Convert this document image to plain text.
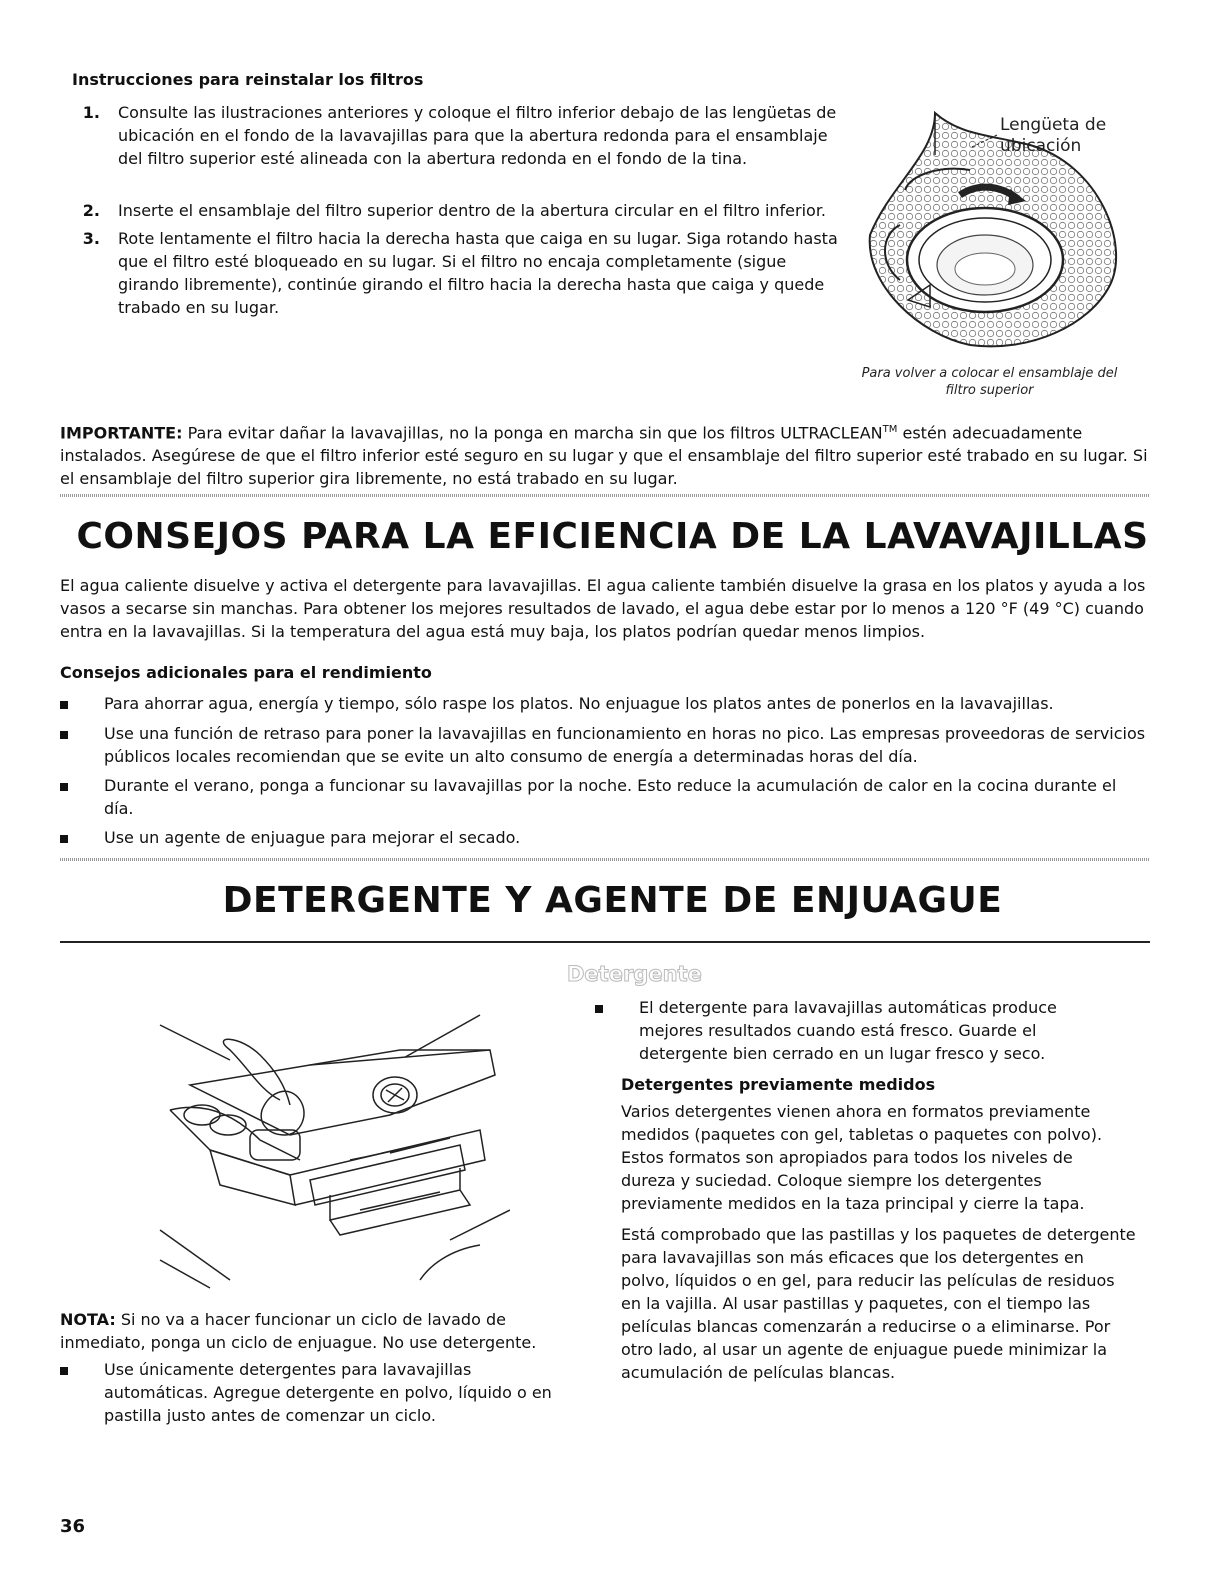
Instrucciones para reinstalar los filtros
1. Consulte las ilustraciones anteriores y coloque el filtro inferior debajo de las lengüetas de ubicación en el fondo de la lavavajillas para que la abertura redonda para el ensamblaje del filtro superior esté alineada con la abertura redonda en el fondo de la tina.
2. Inserte el ensamblaje del filtro superior dentro de la abertura circular en el filtro inferior.
3. Rote lentamente el filtro hacia la derecha hasta que caiga en su lugar. Siga rotando hasta que el filtro esté bloqueado en su lugar. Si el filtro no encaja completamente (sigue girando libremente), continúe girando el filtro hacia la derecha hasta que caiga y quede trabado en su lugar.
Lengüeta de ubicación
Para volver a colocar el ensamblaje del filtro superior
IMPORTANTE: Para evitar dañar la lavavajillas, no la ponga en marcha sin que los filtros ULTRACLEAN™ estén adecuadamente instalados. Asegúrese de que el filtro inferior esté seguro en su lugar y que el ensamblaje del filtro superior esté trabado en su lugar. Si el ensamblaje del filtro superior gira libremente, no está trabado en su lugar.
CONSEJOS PARA LA EFICIENCIA DE LA LAVAVAJILLAS
El agua caliente disuelve y activa el detergente para lavavajillas. El agua caliente también disuelve la grasa en los platos y ayuda a los vasos a secarse sin manchas. Para obtener los mejores resultados de lavado, el agua debe estar por lo menos a 120 °F (49 °C) cuando entra en la lavavajillas. Si la temperatura del agua está muy baja, los platos podrían quedar menos limpios.
Consejos adicionales para el rendimiento
Para ahorrar agua, energía y tiempo, sólo raspe los platos. No enjuague los platos antes de ponerlos en la lavavajillas.
Use una función de retraso para poner la lavavajillas en funcionamiento en horas no pico. Las empresas proveedoras de servicios públicos locales recomiendan que se evite un alto consumo de energía a determinadas horas del día.
Durante el verano, ponga a funcionar su lavavajillas por la noche. Esto reduce la acumulación de calor en la cocina durante el día.
Use un agente de enjuague para mejorar el secado.
DETERGENTE Y AGENTE DE ENJUAGUE
Detergente
NOTA: Si no va a hacer funcionar un ciclo de lavado de inmediato, ponga un ciclo de enjuague. No use detergente.
Use únicamente detergentes para lavavajillas automáticas. Agregue detergente en polvo, líquido o en pastilla justo antes de comenzar un ciclo.
El detergente para lavavajillas automáticas produce mejores resultados cuando está fresco. Guarde el detergente bien cerrado en un lugar fresco y seco.
Detergentes previamente medidos
Varios detergentes vienen ahora en formatos previamente medidos (paquetes con gel, tabletas o paquetes con polvo). Estos formatos son apropiados para todos los niveles de dureza y suciedad. Coloque siempre los detergentes previamente medidos en la taza principal y cierre la tapa.
Está comprobado que las pastillas y los paquetes de detergente para lavavajillas son más eficaces que los detergentes en polvo, líquidos o en gel, para reducir las películas de residuos en la vajilla. Al usar pastillas y paquetes, con el tiempo las películas blancas comenzarán a reducirse o a eliminarse. Por otro lado, al usar un agente de enjuague puede minimizar la acumulación de películas blancas.
36
